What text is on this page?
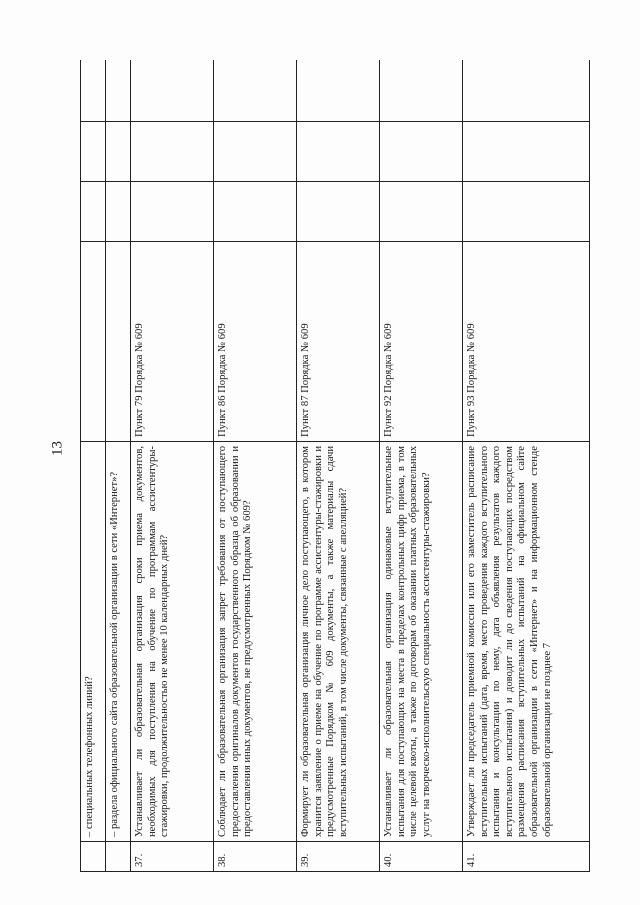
13
	– специальных телефонных линий?				
	– раздела официального сайта образовательной организации в сети «Интернет»?				
37.	Устанавливает ли образовательная организация сроки приема документов, необходимых для поступления на обучение по программам ассистентуры-стажировки, продолжительностью не менее 10 календарных дней?	Пункт 79 Порядка № 609			
38.	Соблюдает ли образовательная организация запрет требования от поступающего предоставления оригиналов документов государственного образца об образовании и предоставления иных документов, не предусмотренных Порядком № 609?	Пункт 86 Порядка № 609			
39.	Формирует ли образовательная организация личное дело поступающего, в котором хранится заявление о приеме на обучение по программе ассистентуры-стажировки и предусмотренные Порядком № 609 документы, а также материалы сдачи вступительных испытаний, в том числе документы, связанные с апелляцией?	Пункт 87 Порядка № 609			
40.	Устанавливает ли образовательная организация одинаковые вступительные испытания для поступающих на места в пределах контрольных цифр приема, в том числе целевой квоты, а также по договорам об оказании платных образовательных услуг на творческо-исполнительскую специальность ассистентуры-стажировки?	Пункт 92 Порядка № 609			
41.	Утверждает ли председатель приемной комиссии или его заместитель расписание вступительных испытаний (дата, время, место проведения каждого вступительного испытания и консультации по нему, дата объявления результатов каждого вступительного испытания) и доводит ли до сведения поступающих посредством размещения расписания вступительных испытаний на официальном сайте образовательной организации в сети «Интернет» и на информационном стенде образовательной организации не позднее 7	Пункт 93 Порядка № 609			
